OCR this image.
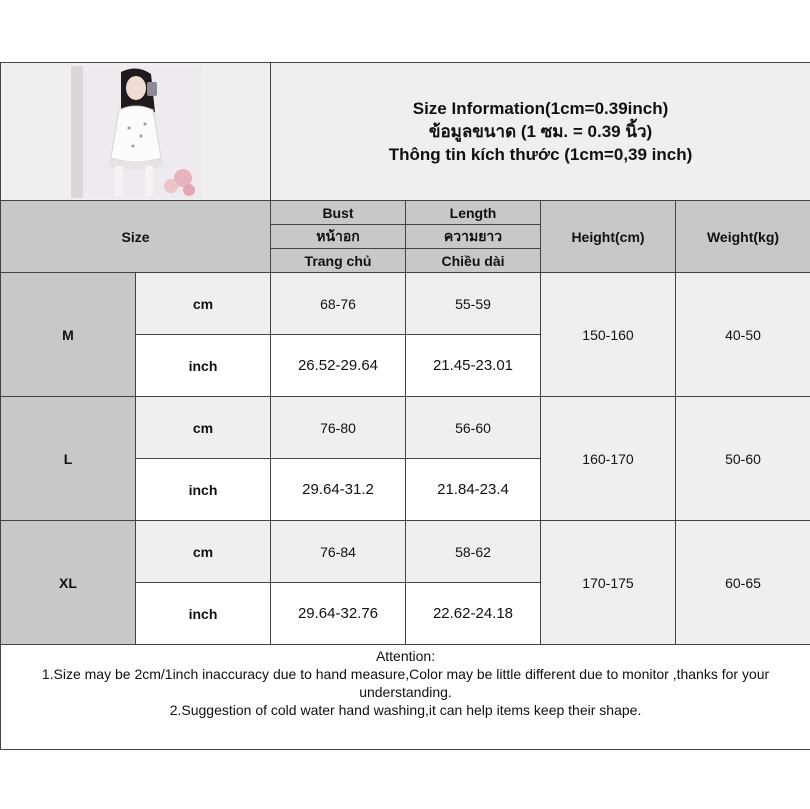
Size Information(1cm=0.39inch)
ข้อมูลขนาด (1 ซม. = 0.39 นิ้ว)
Thông tin kích thước (1cm=0,39 inch)			

Size		Bust	Length	Height(cm)	Weight(kg)
		หน้าอก	ความยาว		
		Trang chủ	Chiều dài		
M	cm	68-76	55-59	150-160	40-50
	inch	26.52-29.64	21.45-23.01		
L	cm	76-80	56-60	160-170	50-60
	inch	29.64-31.2	21.84-23.4		
XL	cm	76-84	58-62	170-175	60-65
	inch	29.64-32.76	22.62-24.18		

Attention:
1.Size may be 2cm/1inch inaccuracy due to hand measure,Color may be little different due to monitor ,thanks for your understanding.
2.Suggestion of cold water hand washing,it can help items keep their shape.					
